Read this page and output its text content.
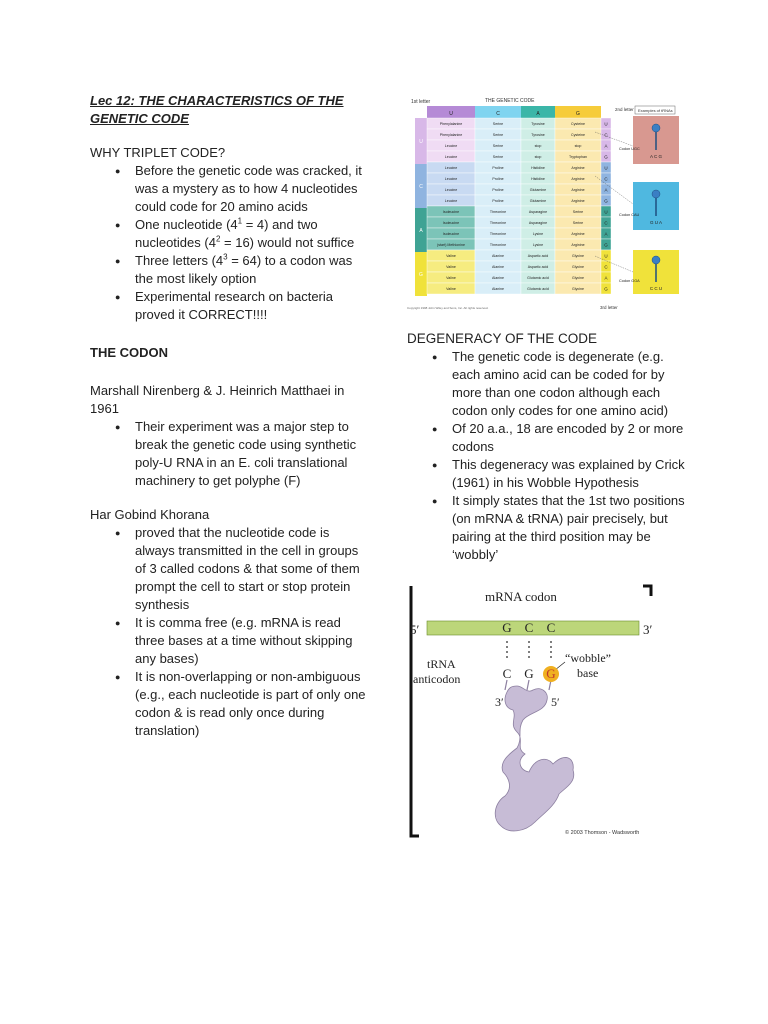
Lec 12: THE CHARACTERISTICS OF THE GENETIC CODE
WHY TRIPLET CODE?
● Before the genetic code was cracked, it was a mystery as to how 4 nucleotides could code for 20 amino acids
● One nucleotide $(4^1 = 4)$ and two nucleotides $(4^2 = 16)$ would not suffice
● Three letters $(4^3 = 64)$ to a codon was the most likely option
● Experimental research on bacteria proved it CORRECT!!!!
THE CODON

Marshall Nirenberg & J. Heinrich Matthaei in 1961

● Their experiment was a major step to break the genetic code using synthetic poly-U RNA in an E. coli translational machinery to get polyphe (F)

Har Gobind Khorana

● proved that the nucleotide code is always transmitted in the cell in groups of 3 called codons & that some of them prompt the cell to start or stop protein synthesis
● It is comma free (e.g. mRNA is read three bases at a time without skipping any bases)
● It is non-overlapping or non-ambiguous (e.g., each nucleotide is part of only one codon & is read only once during translation)
1st letter	THE GENETIC CODE
2nd letter
3rd letter
Copyright 1998 John Wiley and Sons, Inc. All rights reserved.
U	C	A	G
U
C
A
G
Phenylalanine	Serine	Tyrosine	Cysteine	U
Phenylalanine	Serine	Tyrosine	Cysteine	C
Leucine	Serine	stop	stop	A
Leucine	Serine	stop	Tryptophan	G
Leucine	Proline	Histidine	Arginine	U
Leucine	Proline	Histidine	Arginine	C
Leucine	Proline	Glutamine	Arginine	A
Leucine	Proline	Glutamine	Arginine	G
Isoleucine	Threonine	Asparagine	Serine	U
Isoleucine	Threonine	Asparagine	Serine	C
Isoleucine	Threonine	Lysine	Arginine	A
(start) Methionine	Threonine	Lysine	Arginine	G
Valine	Alanine	Aspartic acid	Glycine	U
Valine	Alanine	Aspartic acid	Glycine	C
Valine	Alanine	Glutamic acid	Glycine	A
Valine	Alanine	Glutamic acid	Glycine	G
Examples of tRNAs
A C G
Codon UGC
G U A
Codon CAU
C C U
Codon GGA
DEGENERACY OF THE CODE
● The genetic code is degenerate (e.g. each amino acid can be coded for by more than one codon although each codon only codes for one amino acid)
● Of 20 a.a., 18 are encoded by 2 or more codons
● This degeneracy was explained by Crick (1961) in his Wobble Hypothesis
● It simply states that the 1st two positions (on mRNA & tRNA) pair precisely, but pairing at the third position may be ‘wobbly’
mRNA codon
5′	3′
G C C
tRNA
anticodon
“wobble”
base
3′	5′
C G G
© 2003 Thomson - Wadsworth
